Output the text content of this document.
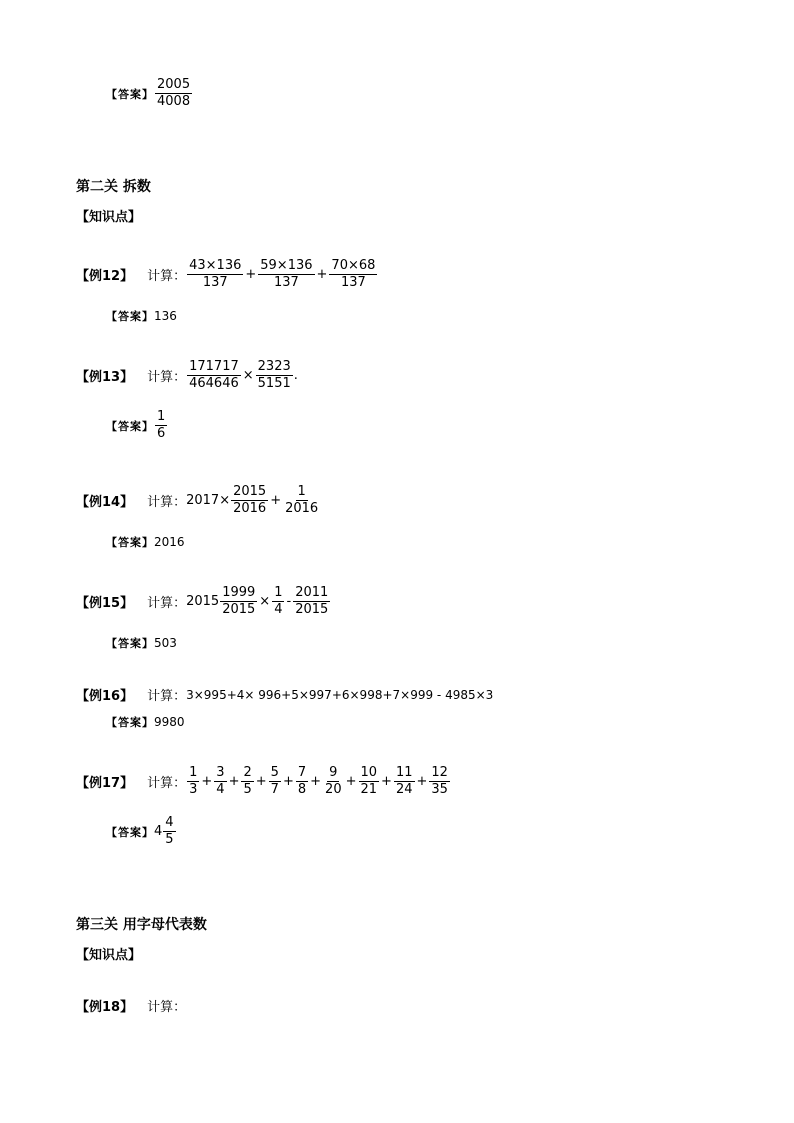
【答案】 $\frac{2005}{4008}$
第二关 拆数
【知识点】
【例12】 计算： $\frac{43\times 136}{137} + \frac{59\times 136}{137} + \frac{70\times 68}{137}$
【答案】 136
【例13】 计算： $\frac{171717}{464646} \times \frac{2323}{5151}$ .
【答案】 $\frac{1}{6}$
【例14】 计算： $2017\times \frac{2015}{2016} + \frac{1}{2016}$
【答案】 2016
【例15】 计算： $2015 \frac{1999}{2015} \times \frac{1}{4} - \frac{2011}{2015}$
【答案】 503
【例16】 计算： 3×995+4× 996+5×997+6×998+7×999 - 4985×3
【答案】 9980
【例17】 计算： $\frac{1}{3} + \frac{3}{4} + \frac{2}{5} + \frac{5}{7} + \frac{7}{8} + \frac{9}{20} + \frac{10}{21} + \frac{11}{24} + \frac{12}{35}$
【答案】 $4 \frac{4}{5}$
第三关 用字母代表数
【知识点】
【例18】 计算：
